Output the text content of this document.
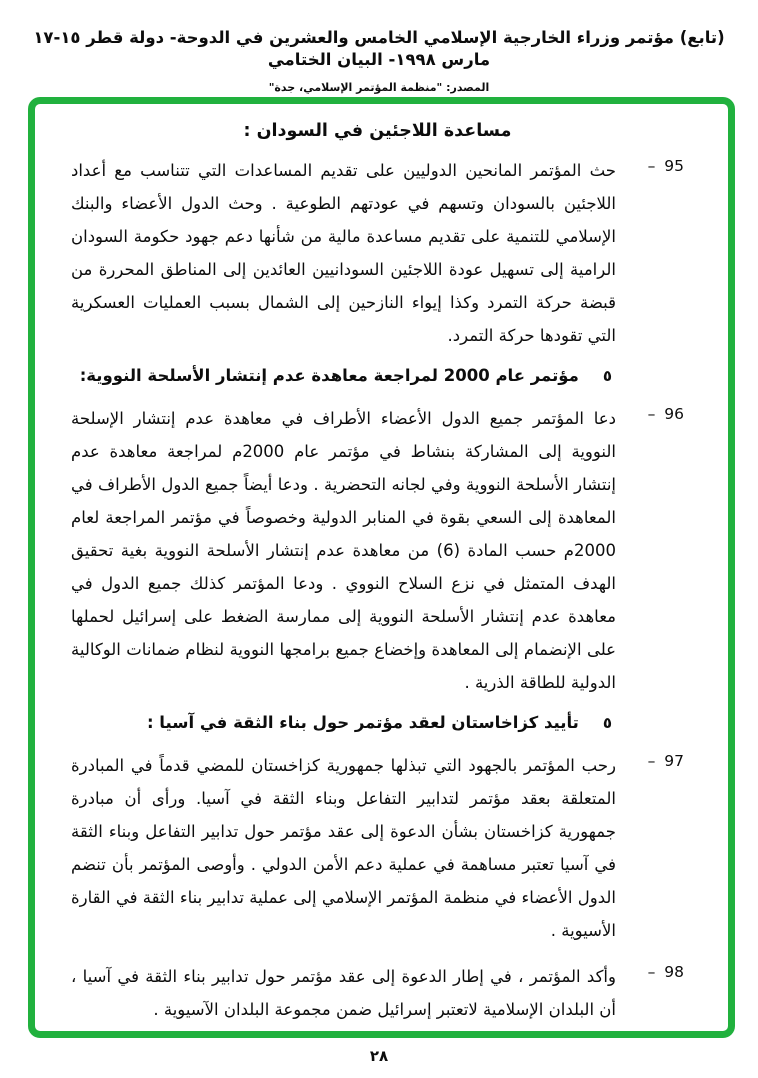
(تابع) مؤتمر وزراء الخارجية الإسلامي الخامس والعشرين في الدوحة- دولة قطر ١٥-١٧ مارس ١٩٩٨- البيان الختامي
المصدر: "منظمة المؤتمر الإسلامي، جدة"
مساعدة اللاجئين في السودان :
95 –

حث المؤتمر المانحين الدوليين على تقديم المساعدات التي تتناسب مع أعداد اللاجئين بالسودان وتسهم في عودتهم الطوعية . وحث الدول الأعضاء والبنك الإسلامي للتنمية على تقديم مساعدة مالية من شأنها دعم جهود حكومة السودان الرامية إلى تسهيل عودة اللاجئين السودانيين العائدين إلى المناطق المحررة من قبضة حركة التمرد وكذا إيواء النازحين إلى الشمال بسبب العمليات العسكرية التي تقودها حركة التمرد.

٥
مؤتمر عام 2000 لمراجعة معاهدة عدم إنتشار الأسلحة النووية:
96 –

دعا المؤتمر جميع الدول الأعضاء الأطراف في معاهدة عدم إنتشار الإسلحة النووية إلى المشاركة بنشاط في مؤتمر عام 2000م لمراجعة معاهدة عدم إنتشار الأسلحة النووية وفي لجانه التحضرية . ودعا أيضاً جميع الدول الأطراف في المعاهدة إلى السعي بقوة في المنابر الدولية وخصوصاً في مؤتمر المراجعة لعام 2000م حسب المادة (6) من معاهدة عدم إنتشار الأسلحة النووية بغية تحقيق الهدف المتمثل في نزع السلاح النووي . ودعا المؤتمر كذلك جميع الدول في معاهدة عدم إنتشار الأسلحة النووية إلى ممارسة الضغط على إسرائيل لحملها على الإنضمام إلى المعاهدة وإخضاع جميع برامجها النووية لنظام ضمانات الوكالية الدولية للطاقة الذرية .

٥
تأييد كزاخاستان لعقد مؤتمر حول بناء الثقة في آسيا :
97 –

رحب المؤتمر بالجهود التي تبذلها جمهورية كزاخستان للمضي قدماً في المبادرة المتعلقة بعقد مؤتمر لتدابير التفاعل وبناء الثقة في آسيا. ورأى أن مبادرة جمهورية كزاخستان بشأن الدعوة إلى عقد مؤتمر حول تدابير التفاعل وبناء الثقة في آسيا تعتبر مساهمة في عملية دعم الأمن الدولي . وأوصى المؤتمر بأن تنضم الدول الأعضاء في منظمة المؤتمر الإسلامي إلى عملية تدابير بناء الثقة في القارة الأسيوية .

98 –

وأكد المؤتمر ، في إطار الدعوة إلى عقد مؤتمر حول تدابير بناء الثقة في آسيا ، أن البلدان الإسلامية لاتعتبر إسرائيل ضمن مجموعة البلدان الآسيوية .

٢٨
